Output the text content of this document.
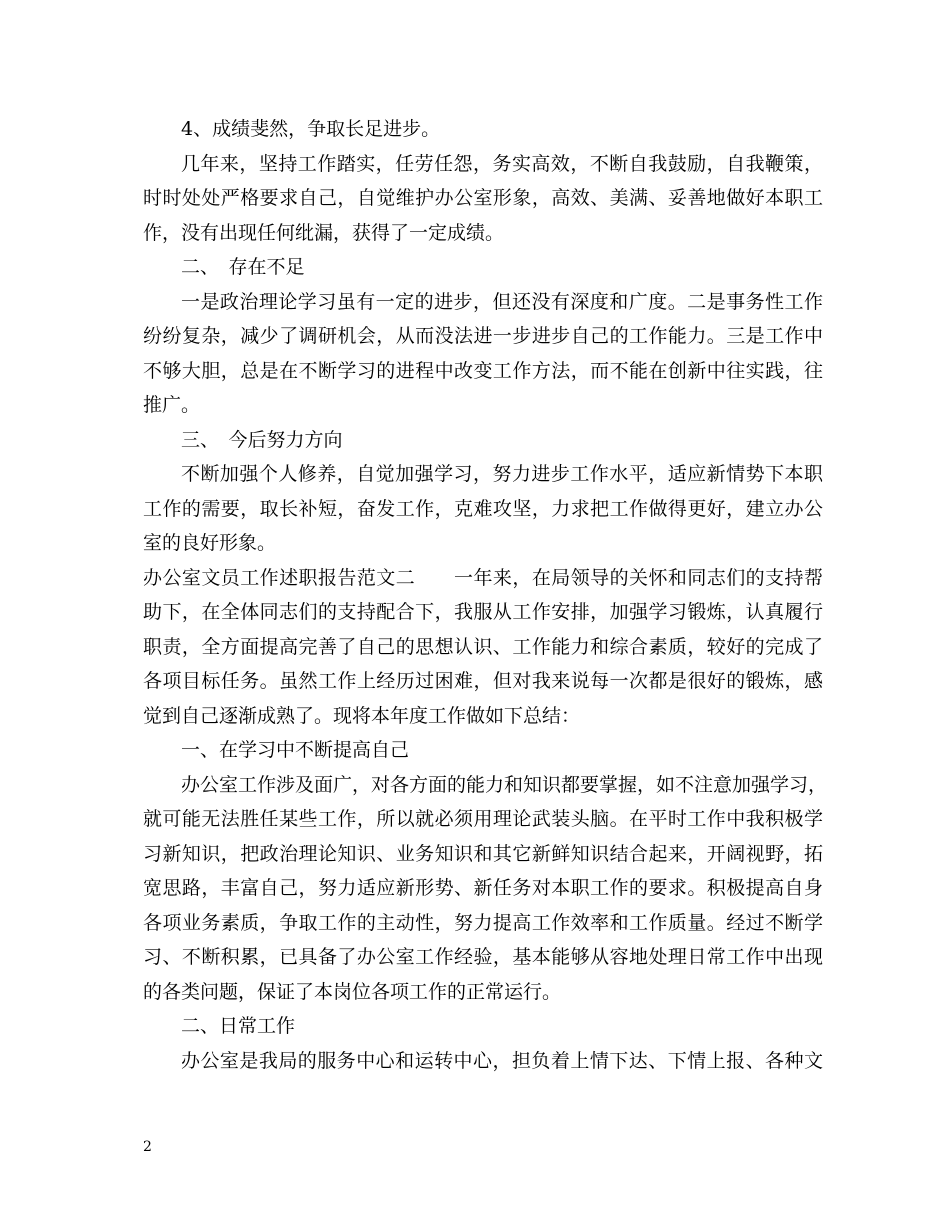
4、成绩斐然，争取长足进步。
几年来，坚持工作踏实，任劳任怨，务实高效，不断自我鼓励，自我鞭策，
时时处处严格要求自己，自觉维护办公室形象，高效、美满、妥善地做好本职工
作，没有出现任何纰漏，获得了一定成绩。
二、　存在不足
一是政治理论学习虽有一定的进步，但还没有深度和广度。二是事务性工作
纷纷复杂，减少了调研机会，从而没法进一步进步自己的工作能力。三是工作中
不够大胆，总是在不断学习的进程中改变工作方法，而不能在创新中往实践，往
推广。
三、　今后努力方向
不断加强个人修养，自觉加强学习，努力进步工作水平，适应新情势下本职
工作的需要，取长补短，奋发工作，克难攻坚，力求把工作做得更好，建立办公
室的良好形象。
办公室文员工作述职报告范文二　　一年来，在局领导的关怀和同志们的支持帮
助下，在全体同志们的支持配合下，我服从工作安排，加强学习锻炼，认真履行
职责，全方面提高完善了自己的思想认识、工作能力和综合素质，较好的完成了
各项目标任务。虽然工作上经历过困难，但对我来说每一次都是很好的锻炼，感
觉到自己逐渐成熟了。现将本年度工作做如下总结：
一、在学习中不断提高自己
办公室工作涉及面广，对各方面的能力和知识都要掌握，如不注意加强学习，
就可能无法胜任某些工作，所以就必须用理论武装头脑。在平时工作中我积极学
习新知识，把政治理论知识、业务知识和其它新鲜知识结合起来，开阔视野，拓
宽思路，丰富自己，努力适应新形势、新任务对本职工作的要求。积极提高自身
各项业务素质，争取工作的主动性，努力提高工作效率和工作质量。经过不断学
习、不断积累，已具备了办公室工作经验，基本能够从容地处理日常工作中出现
的各类问题，保证了本岗位各项工作的正常运行。
二、日常工作
办公室是我局的服务中心和运转中心，担负着上情下达、下情上报、各种文
2
